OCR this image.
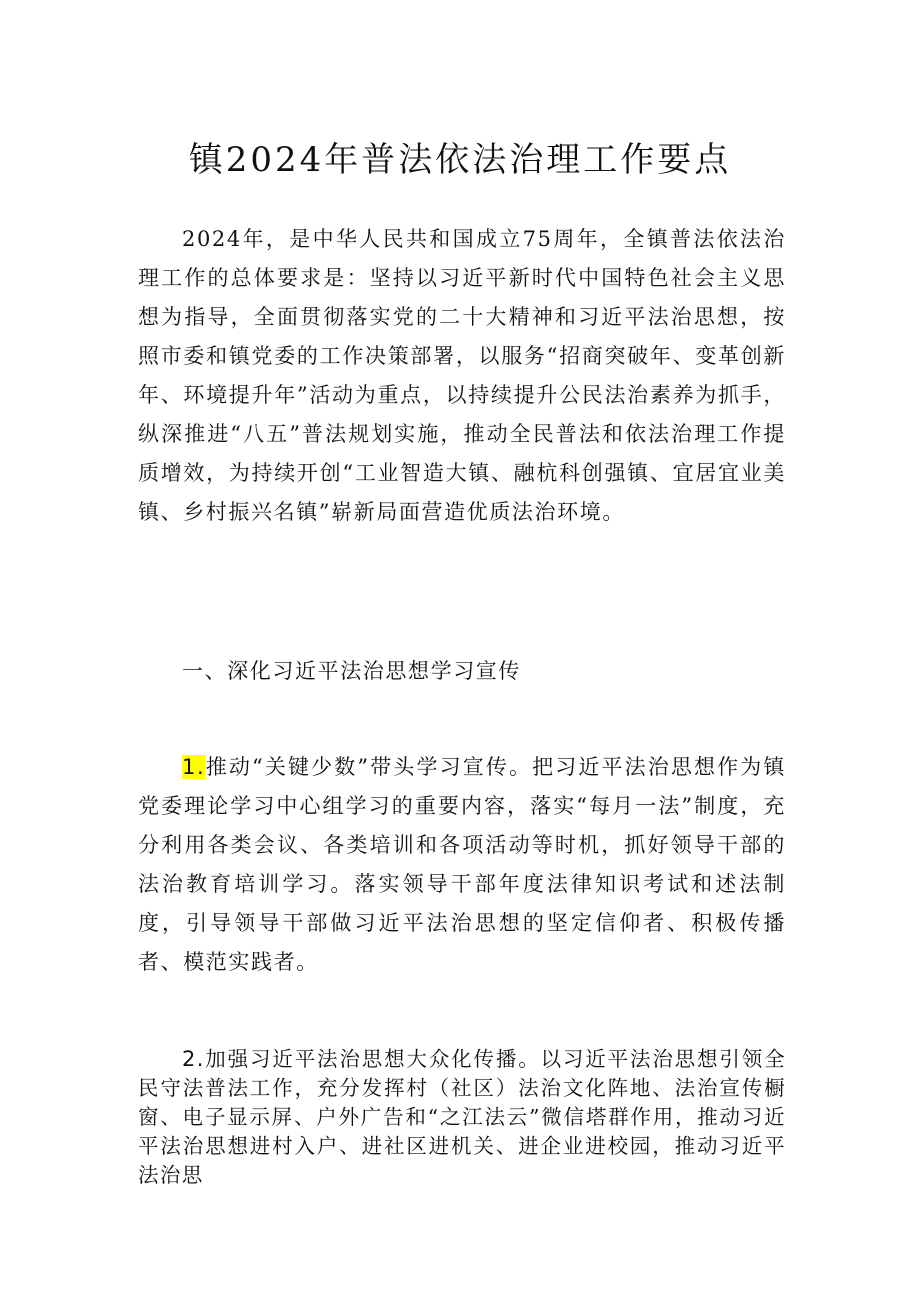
镇2024年普法依法治理工作要点

2024年，是中华人民共和国成立75周年，全镇普法依法治理工作的总体要求是：坚持以习近平新时代中国特色社会主义思想为指导，全面贯彻落实党的二十大精神和习近平法治思想，按照市委和镇党委的工作决策部署，以服务“招商突破年、变革创新年、环境提升年”活动为重点，以持续提升公民法治素养为抓手，纵深推进“八五”普法规划实施，推动全民普法和依法治理工作提质增效，为持续开创“工业智造大镇、融杭科创强镇、宜居宜业美镇、乡村振兴名镇”崭新局面营造优质法治环境。

一、深化习近平法治思想学习宣传

1.推动“关键少数”带头学习宣传。把习近平法治思想作为镇党委理论学习中心组学习的重要内容，落实“每月一法”制度，充分利用各类会议、各类培训和各项活动等时机，抓好领导干部的法治教育培训学习。落实领导干部年度法律知识考试和述法制度，引导领导干部做习近平法治思想的坚定信仰者、积极传播者、模范实践者。

2.加强习近平法治思想大众化传播。以习近平法治思想引领全民守法普法工作，充分发挥村（社区）法治文化阵地、法治宣传橱窗、电子显示屏、户外广告和“之江法云”微信塔群作用，推动习近平法治思想进村入户、进社区进机关、进企业进校园，推动习近平法治思
